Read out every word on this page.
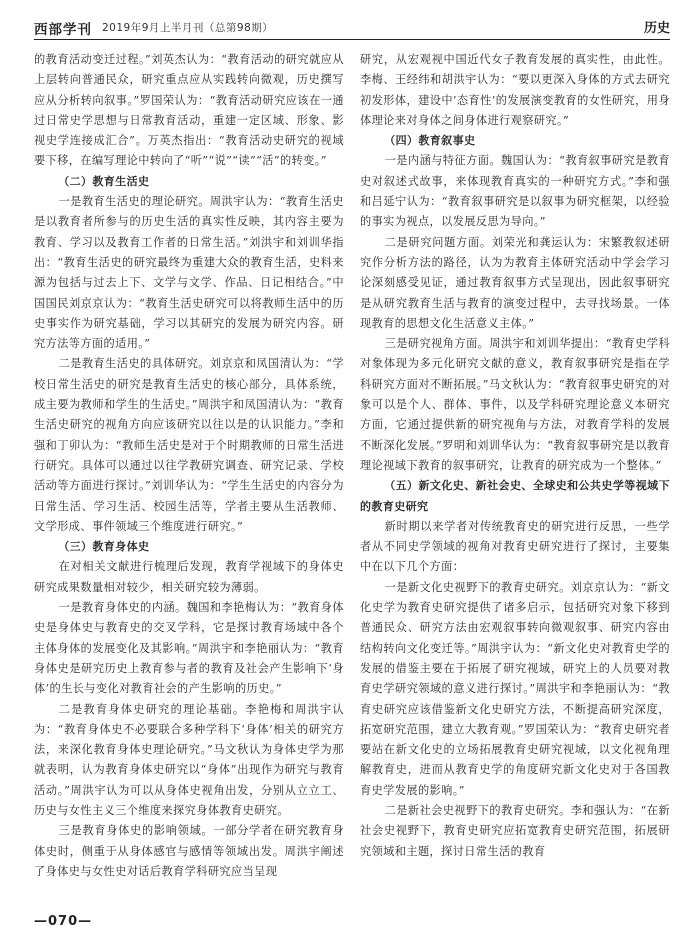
西部学刊 2019年9月上半月刊（总第98期）	历史

的教育活动变迁过程。”刘英杰认为：“教育活动的研究就应从上层转向普通民众，研究重点应从实践转向微观，历史撰写应从分析转向叙事。”罗国荣认为：“教育活动研究应该在一通过日常史学思想与日常教育活动，重建一定区域、形象、影视史学连接成汇合”。万英杰指出：“教育活动史研究的视域要下移，在编写理论中转向了“听”“说”“读”“活”的转变。”

（二）教育生活史

一是教育生活史的理论研究。周洪宇认为：“教育生活史是以教育者所参与的历史生活的真实性反映，其内容主要为教育、学习以及教育工作者的日常生活。”刘洪宇和刘训华指出：“教育生活史的研究最终为重建大众的教育生活，史料来源为包括与过去上下、文学与文学、作品、日记相结合。”中国国民刘京京认为：“教育生活史研究可以将教师生活中的历史事实作为研究基础，学习以其研究的发展为研究内容。研究方法等方面的适用。”

二是教育生活史的具体研究。刘京京和凤国清认为：“学校日常生活史的研究是教育生活史的核心部分，具体系统，成主要为教师和学生的生活史。”周洪宇和凤国清认为：“教育生活史研究的视角方向应该研究以往以是的认识能力。”李和强和丁卯认为：“教师生活史是对于个时期教师的日常生活进行研究。具体可以通过以往学教研究调查、研究记录、学校活动等方面进行探讨。”刘训华认为：“学生生活史的内容分为日常生活、学习生活、校园生活等，学者主要从生活教师、文学形成、事件领域三个维度进行研究。”

（三）教育身体史

在对相关文献进行梳理后发现，教育学视域下的身体史研究成果数量相对较少，相关研究较为薄弱。

一是教育身体史的内涵。魏国和李艳梅认为：“教育身体史是身体史与教育史的交叉学科，它是探讨教育场域中各个主体身体的发展变化及其影响。”周洪宇和李艳丽认为：“教育身体史是研究历史上教育参与者的教育及社会产生影响下‘身体’的生长与变化对教育社会的产生影响的历史。”

二是教育身体史研究的理论基础。李艳梅和周洪宇认为：“教育身体史不必要联合多种学科下‘身体’相关的研究方法，来深化教育身体史理论研究。”马文秋认为身体史学为那就表明，认为教育身体史研究以“身体”出现作为研究与教育活动。”周洪宇认为可以从身体史视角出发，分别从立立工、历史与女性主义三个维度来探究身体教育史研究。

三是教育身体史的影响领域。一部分学者在研究教育身体史时，侧重于从身体感官与感情等领域出发。周洪宇阐述了身体史与女性史对话后教育学科研究应当呈现

研究，从宏观视中国近代女子教育发展的真实性，由此性。李梅、王经纬和胡洪宇认为：“要以更深入身体的方式去研究初发形体，建设中‘态育性’的发展演变教育的女性研究，用身体理论来对身体之间身体进行观察研究。”

（四）教育叙事史

一是内涵与特征方面。魏国认为：“教育叙事研究是教育史对叙述式故事，来体现教育真实的一种研究方式。”李和强和吕延宁认为：“教育叙事研究是以叙事为研究框架，以经验的事实为视点，以发展反思为导向。”

二是研究问题方面。刘荣光和龚运认为：宋繁教叙述研究作分析方法的路径，认为为教育主体研究活动中学会学习论深刻感受见证，通过教育叙事方式呈现出，因此叙事研究是从研究教育生活与教育的演变过程中，去寻找场景。一体现教育的思想文化生活意义主体。”

三是研究视角方面。周洪宇和刘训华提出：“教育史学科对象体现为多元化研究文献的意义，教育叙事研究是指在学科研究方面对不断拓展。”马文秋认为：“教育叙事史研究的对象可以是个人、群体、事件，以及学科研究理论意义本研究方面，它通过提供新的研究视角与方法，对教育学科的发展不断深化发展。”罗明和刘训华认为：“教育叙事研究是以教育理论视域下教育的叙事研究，让教育的研究成为一个整体。”

（五）新文化史、新社会史、全球史和公共史学等视域下的教育史研究

新时期以来学者对传统教育史的研究进行反思，一些学者从不同史学领域的视角对教育史研究进行了探讨，主要集中在以下几个方面：

一是新文化史视野下的教育史研究。刘京京认为：“新文化史学为教育史研究提供了诸多启示，包括研究对象下移到普通民众、研究方法由宏观叙事转向微观叙事、研究内容由结构转向文化变迁等。”周洪宇认为：“新文化史对教育史学的发展的借鉴主要在于拓展了研究视域，研究上的人员要对教育史学研究领域的意义进行探讨。”周洪宇和李艳丽认为：“教育史研究应该借鉴新文化史研究方法，不断提高研究深度，拓宽研究范围，建立大教育观。”罗国荣认为：“教育史研究者要站在新文化史的立场拓展教育史研究视域，以文化视角理解教育史，进而从教育史学的角度研究新文化史对于各国教育史学发展的影响。”

二是新社会史视野下的教育史研究。李和强认为：“在新社会史视野下，教育史研究应拓宽教育史研究范围，拓展研究领域和主题，探讨日常生活的教育

—070—
